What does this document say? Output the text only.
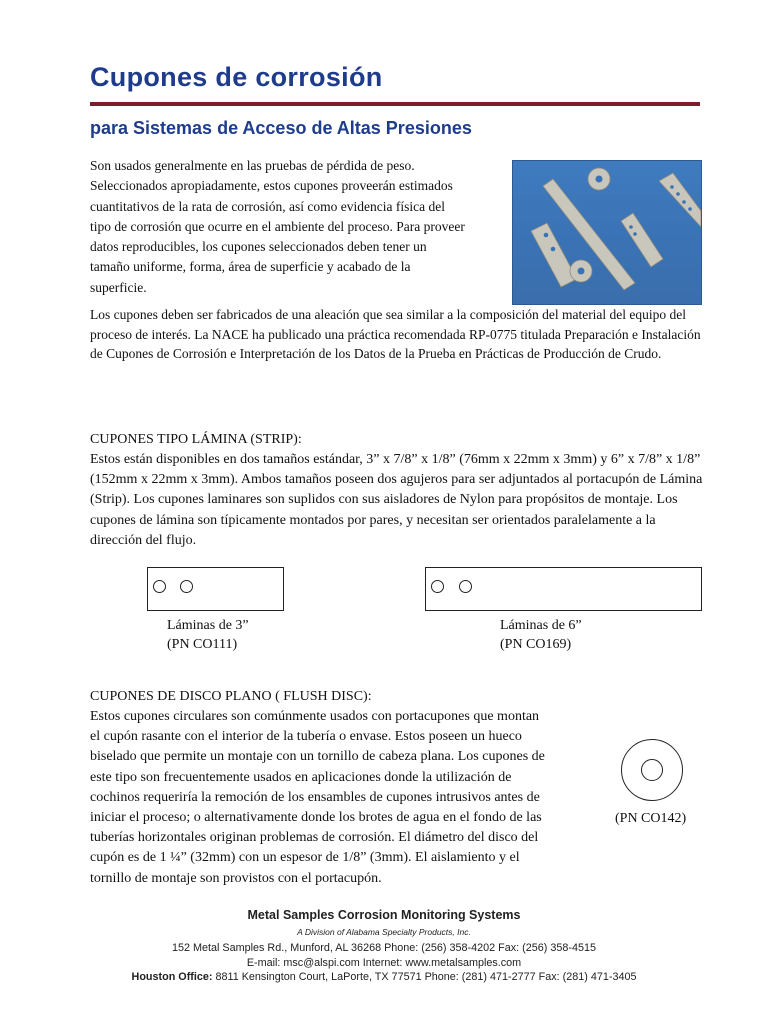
Cupones de corrosión
para Sistemas de Acceso de Altas Presiones

Son usados generalmente en las pruebas de pérdida de peso. Seleccionados apropiadamente, estos cupones proveerán estimados cuantitativos de la rata de corrosión, así como evidencia física del tipo de corrosión que ocurre en el ambiente del proceso. Para proveer datos reproducibles, los cupones seleccionados deben tener un tamaño uniforme, forma, área de superficie y acabado de la superficie.

Los cupones deben ser fabricados de una aleación que sea similar a la composición del material del equipo del proceso de interés. La NACE ha publicado una práctica recomendada RP-0775 titulada Preparación e Instalación de Cupones de Corrosión e Interpretación de los Datos de la Prueba en Prácticas de Producción de Crudo.

CUPONES TIPO LÁMINA (STRIP):

Estos están disponibles en dos tamaños estándar, 3” x 7/8” x 1/8” (76mm x 22mm x 3mm) y 6” x 7/8” x 1/8” (152mm x 22mm x 3mm). Ambos tamaños poseen dos agujeros para ser adjuntados al portacupón de Lámina (Strip). Los cupones laminares son suplidos con sus aisladores de Nylon para propósitos de montaje. Los cupones de lámina son típicamente montados por pares, y necesitan ser orientados paralelamente a la dirección del flujo.

Láminas de 3”

(PN CO111)

Láminas de 6”

(PN CO169)

CUPONES DE DISCO PLANO ( FLUSH DISC):

Estos cupones circulares son comúnmente usados con portacupones que montan el cupón rasante con el interior de la tubería o envase. Estos poseen un hueco biselado que permite un montaje con un tornillo de cabeza plana. Los cupones de este tipo son frecuentemente usados en aplicaciones donde la utilización de cochinos requeriría la remoción de los ensambles de cupones intrusivos antes de iniciar el proceso; o alternativamente donde los brotes de agua en el fondo de las tuberías horizontales originan problemas de corrosión. El diámetro del disco del cupón es de 1 ¼” (32mm) con un espesor de 1/8” (3mm). El aislamiento y el tornillo de montaje son provistos con el portacupón.

(PN CO142)

Metal Samples Corrosion Monitoring Systems
A Division of Alabama Specialty Products, Inc.
152 Metal Samples Rd., Munford, AL 36268 Phone: (256) 358-4202 Fax: (256) 358-4515
E-mail: msc@alspi.com Internet: www.metalsamples.com
Houston Office: 8811 Kensington Court, LaPorte, TX 77571 Phone: (281) 471-2777 Fax: (281) 471-3405
